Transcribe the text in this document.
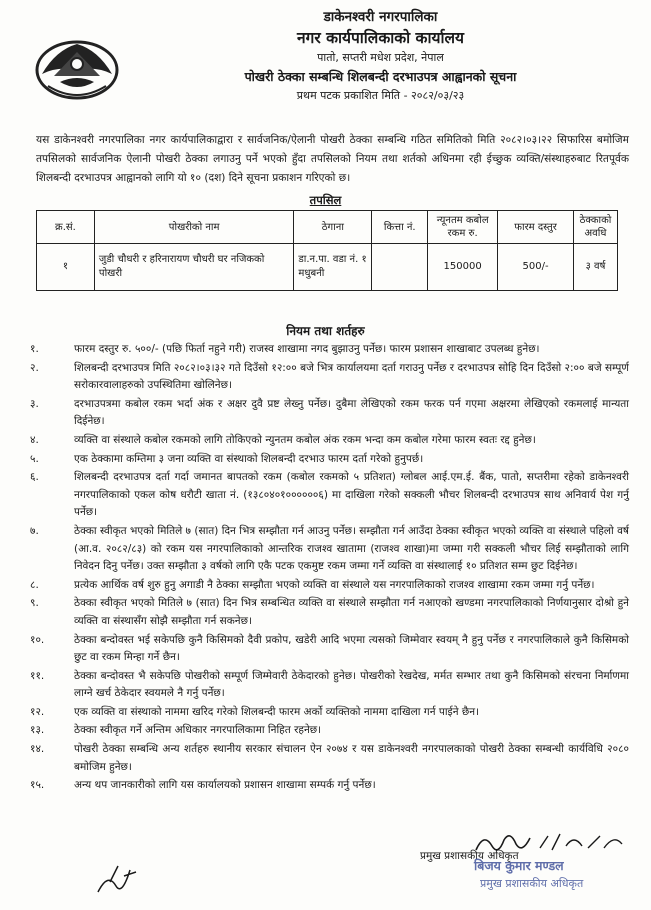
डाकेनश्वरी नगरपालिका
नगर कार्यपालिकाको कार्यालय
पातो, सप्तरी मधेश प्रदेश, नेपाल
पोखरी ठेक्का सम्बन्धि शिलबन्दी दरभाउपत्र आह्वानको सूचना
प्रथम पटक प्रकाशित मिति - २०८२/०३/२३
यस डाकेनश्वरी नगरपालिका नगर कार्यपालिकाद्वारा र सार्वजनिक/ऐलानी पोखरी ठेक्का सम्बन्धि गठित समितिको मिति २०८२।०३।२२ सिफारिस बमोजिम तपसिलको सार्वजनिक ऐलानी पोखरी ठेक्का लगाउनु पर्ने भएको हुँदा तपसिलको नियम तथा शर्तको अधिनमा रही ईच्छुक व्यक्ति/संस्थाहरुबाट रितपूर्वक शिलबन्दी दरभाउपत्र आह्वानको लागि यो १० (दश) दिने सूचना प्रकाशन गरिएको छ।
तपसिल
क्र.सं.	पोखरीको नाम	ठेगाना	कित्ता नं.	न्यूनतम कबोल रकम रु.	फारम दस्तुर	ठेक्काको अवधि
१	जुडी चौधरी र हरिनारायण चौधरी घर नजिकको पोखरी	डा.न.पा. वडा नं. १ मधुबनी		150000	500/-	३ वर्ष
नियम तथा शर्तहरु
१.	फारम दस्तुर रु. ५००/- (पछि फिर्ता नहुने गरी) राजस्व शाखामा नगद बुझाउनु पर्नेछ। फारम प्रशासन शाखाबाट उपलब्ध हुनेछ।
२.	शिलबन्दी दरभाउपत्र मिति २०८२।०३।३२ गते दिउँसो १२:०० बजे भित्र कार्यालयमा दर्ता गराउनु पर्नेछ र दरभाउपत्र सोहि दिन दिउँसो २:०० बजे सम्पूर्ण सरोकारवालाहरुको उपस्थितिमा खोलिनेछ।
३.	दरभाउपत्रमा कबोल रकम भर्दा अंक र अक्षर दुवै प्रष्ट लेख्नु पर्नेछ। दुबैमा लेखिएको रकम फरक पर्न गएमा अक्षरमा लेखिएको रकमलाई मान्यता दिईनेछ।
४.	व्यक्ति वा संस्थाले कबोल रकमको लागि तोकिएको न्युनतम कबोल अंक रकम भन्दा कम कबोल गरेमा फारम स्वतः रद्द हुनेछ।
५.	एक ठेक्कामा कम्तिमा ३ जना व्यक्ति वा संस्थाको शिलबन्दी दरभाउ फारम दर्ता गरेको हुनुपर्छ।
६.	शिलबन्दी दरभाउपत्र दर्ता गर्दा जमानत बापतको रकम (कबोल रकमको ५ प्रतिशत) ग्लोबल आई.एम.ई. बैंक, पातो, सप्तरीमा रहेको डाकेनश्वरी नगरपालिकाको एकल कोष धरौटी खाता नं. (१३८०४०१००००००६) मा दाखिला गरेको सक्कली भौचर शिलबन्दी दरभाउपत्र साथ अनिवार्य पेश गर्नु पर्नेछ।
७.	ठेक्का स्वीकृत भएको मितिले ७ (सात) दिन भित्र सम्झौता गर्न आउनु पर्नेछ। सम्झौता गर्न आउँदा ठेक्का स्वीकृत भएको व्यक्ति वा संस्थाले पहिलो वर्ष (आ.व. २०८२/८३) को रकम यस नगरपालिकाको आन्तरिक राजश्व खातामा (राजश्व शाखा)मा जम्मा गरी सक्कली भौचर लिई सम्झौताको लागि निवेदन दिनु पर्नेछ। उक्त सम्झौता ३ वर्षको लागि एकै पटक एकमुष्ट रकम जम्मा गर्ने व्यक्ति वा संस्थालाई १० प्रतिशत सम्म छुट दिईनेछ।
८.	प्रत्येक आर्थिक वर्ष शुरु हुनु अगाडी नै ठेक्का सम्झौता भएको व्यक्ति वा संस्थाले यस नगरपालिकाको राजश्व शाखामा रकम जम्मा गर्नु पर्नेछ।
९.	ठेक्का स्वीकृत भएको मितिले ७ (सात) दिन भित्र सम्बन्धित व्यक्ति वा संस्थाले सम्झौता गर्न नआएको खण्डमा नगरपालिकाको निर्णयानुसार दोश्रो हुने व्यक्ति वा संस्थासँग सोझै सम्झौता गर्न सकनेछ।
१०.	ठेक्का बन्दोवस्त भई सकेपछि कुनै किसिमको दैवी प्रकोप, खडेरी आदि भएमा त्यसको जिम्मेवार स्वयम् नै हुनु पर्नेछ र नगरपालिकाले कुनै किसिमको छुट वा रकम मिन्हा गर्ने छैन।
११.	ठेक्का बन्दोवस्त भै सकेपछि पोखरीको सम्पूर्ण जिम्मेवारी ठेकेदारको हुनेछ। पोखरीको रेखदेख, मर्मत सम्भार तथा कुनै किसिमको संरचना निर्माणमा लाग्ने खर्च ठेकेदार स्वयमले नै गर्नु पर्नेछ।
१२.	एक व्यक्ति वा संस्थाको नाममा खरिद गरेको शिलबन्दी फारम अर्को व्यक्तिको नाममा दाखिला गर्न पाईने छैन।
१३.	ठेक्का स्वीकृत गर्ने अन्तिम अधिकार नगरपालिकामा निहित रहनेछ।
१४.	पोखरी ठेक्का सम्बन्धि अन्य शर्तहरु स्थानीय सरकार संचालन ऐन २०७४ र यस डाकेनश्वरी नगरपालकाको पोखरी ठेक्का सम्बन्धी कार्यविधि २०८० बमोजिम हुनेछ।
१५.	अन्य थप जानकारीको लागि यस कार्यालयको प्रशासन शाखामा सम्पर्क गर्नु पर्नेछ।
प्रमुख प्रशासकीय अधिकृत
बिजय कुमार मण्डल
प्रमुख प्रशासकीय अधिकृत
